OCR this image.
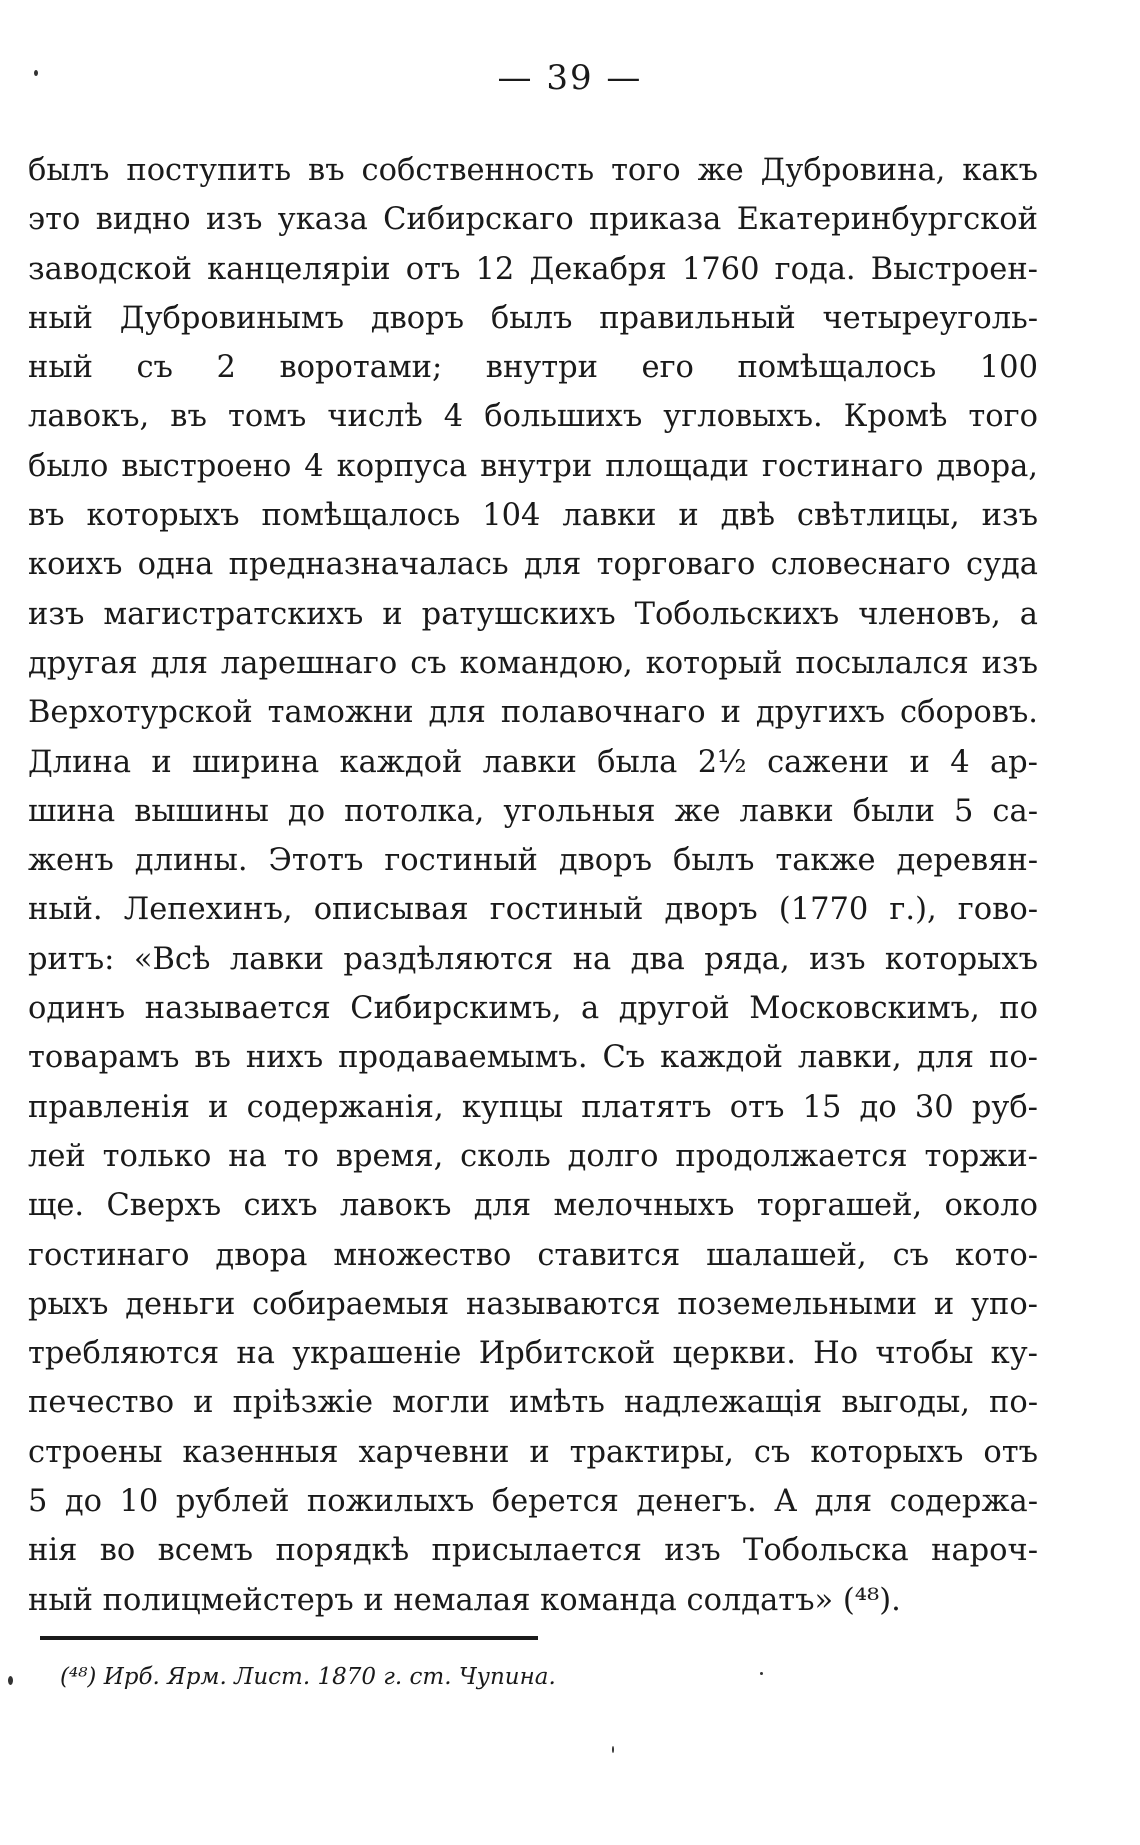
— 39 —
былъ поступить въ собственность того же Дубровина, какъ
это видно изъ указа Сибирскаго приказа Екатеринбургской
заводской канцеляріи отъ 12 Декабря 1760 года. Выстроен-
ный Дубровинымъ дворъ былъ правильный четыреуголь-
ный съ 2 воротами; внутри его помѣщалось 100
лавокъ, въ томъ числѣ 4 большихъ угловыхъ. Кромѣ того
было выстроено 4 корпуса внутри площади гостинаго двора,
въ которыхъ помѣщалось 104 лавки и двѣ свѣтлицы, изъ
коихъ одна предназначалась для торговаго словеснаго суда
изъ магистратскихъ и ратушскихъ Тобольскихъ членовъ, а
другая для ларешнаго съ командою, который посылался изъ
Верхотурской таможни для полавочнаго и другихъ сборовъ.
Длина и ширина каждой лавки была 2½ сажени и 4 ар-
шина вышины до потолка, угольныя же лавки были 5 са-
женъ длины. Этотъ гостиный дворъ былъ также деревян-
ный. Лепехинъ, описывая гостиный дворъ (1770 г.), гово-
ритъ: «Всѣ лавки раздѣляются на два ряда, изъ которыхъ
одинъ называется Сибирскимъ, а другой Московскимъ, по
товарамъ въ нихъ продаваемымъ. Съ каждой лавки, для по-
правленія и содержанія, купцы платятъ отъ 15 до 30 руб-
лей только на то время, сколь долго продолжается торжи-
ще. Сверхъ сихъ лавокъ для мелочныхъ торгашей, около
гостинаго двора множество ставится шалашей, съ кото-
рыхъ деньги собираемыя называются поземельными и упо-
требляются на украшеніе Ирбитской церкви. Но чтобы ку-
печество и пріѣзжіе могли имѣть надлежащія выгоды, по-
строены казенныя харчевни и трактиры, съ которыхъ отъ
5 до 10 рублей пожилыхъ берется денегъ. А для содержа-
нія во всемъ порядкѣ присылается изъ Тобольска нароч-
ный полицмейстеръ и немалая команда солдатъ» (⁴⁸).
(⁴⁸) Ирб. Ярм. Лист. 1870 г. ст. Чупина.
